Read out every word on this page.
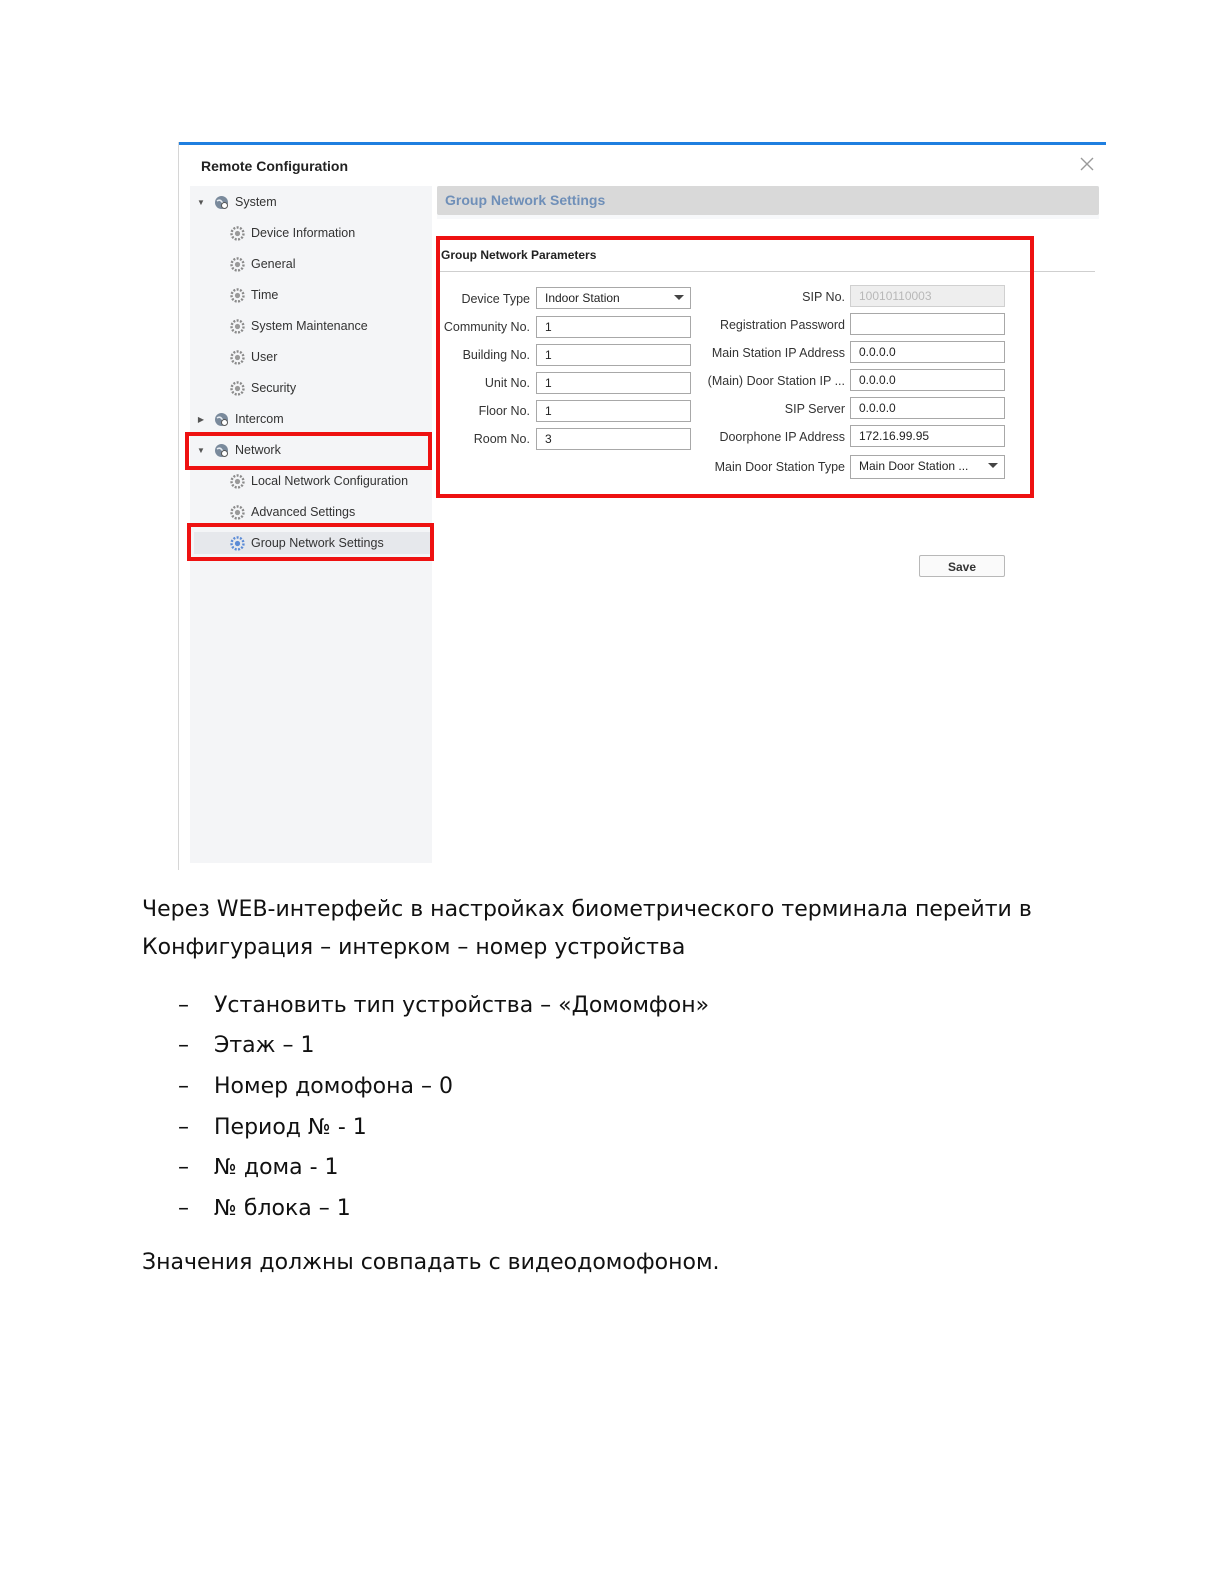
Remote Configuration
▼ System
Device Information
General
Time
System Maintenance
User
Security
▶ Intercom
▼ Network
Local Network Configuration
Advanced Settings
Group Network Settings
Group Network Settings
Group Network Parameters
Device Type	Indoor Station
Community No.	1
Building No.	1
Unit No.	1
Floor No.	1
Room No.	3
SIP No.	10010110003
Registration Password
Main Station IP Address	0.0.0.0
(Main) Door Station IP ...	0.0.0.0
SIP Server	0.0.0.0
Doorphone IP Address	172.16.99.95
Main Door Station Type	Main Door Station ...
Save
Через WEB-интерфейс в настройках биометрического терминала перейти в Конфигурация – интерком – номер устройства
– Установить тип устройства – «Домомфон»
– Этаж – 1
– Номер домофона – 0
– Период № - 1
– № дома - 1
– № блока – 1
Значения должны совпадать с видеодомофоном.
